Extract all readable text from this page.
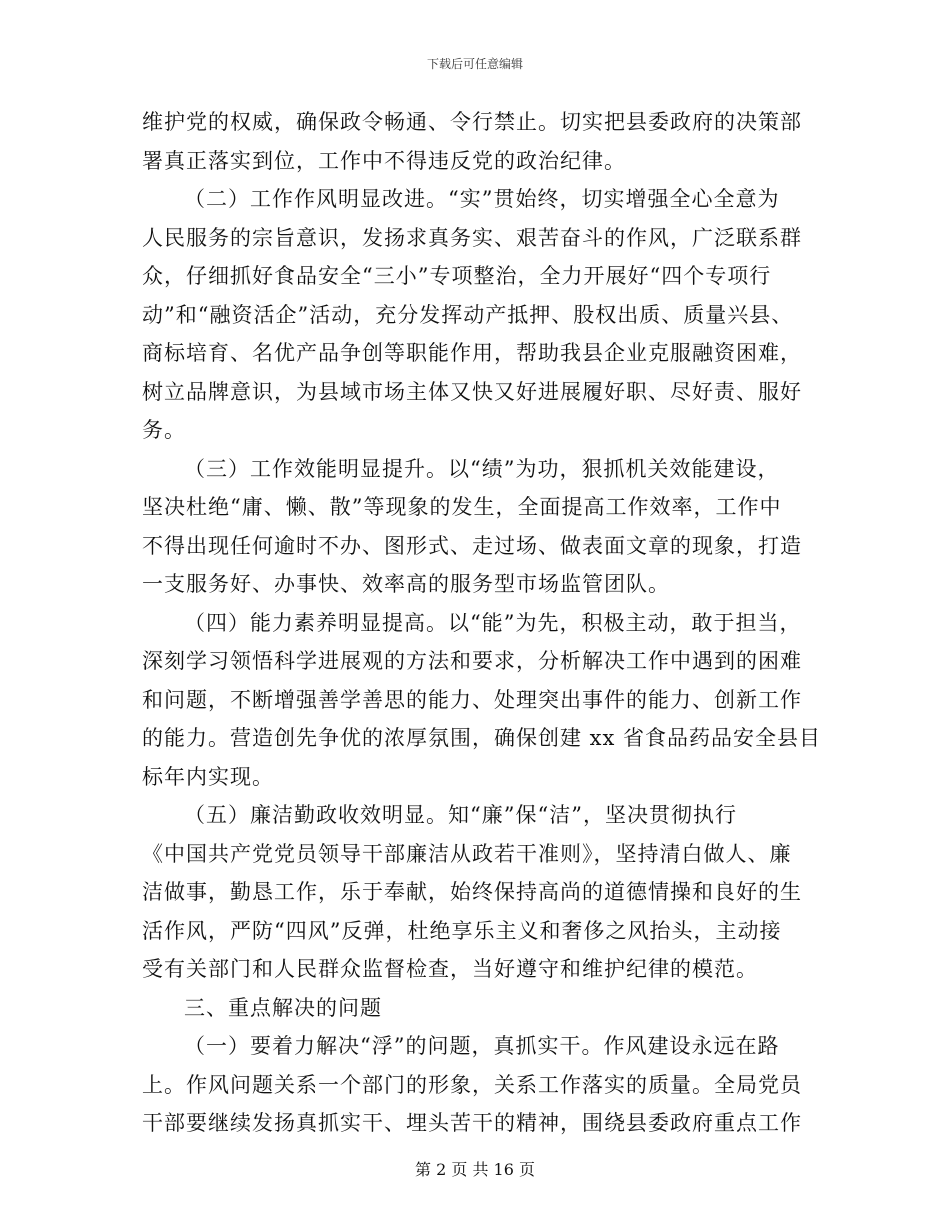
下载后可任意编辑
维护党的权威，确保政令畅通、令行禁止。切实把县委政府的决策部
署真正落实到位，工作中不得违反党的政治纪律。
（二）工作作风明显改进。“实”贯始终，切实增强全心全意为
人民服务的宗旨意识，发扬求真务实、艰苦奋斗的作风，广泛联系群
众，仔细抓好食品安全“三小”专项整治，全力开展好“四个专项行
动”和“融资活企”活动，充分发挥动产抵押、股权出质、质量兴县、
商标培育、名优产品争创等职能作用，帮助我县企业克服融资困难，
树立品牌意识，为县域市场主体又快又好进展履好职、尽好责、服好
务。
（三）工作效能明显提升。以“绩”为功，狠抓机关效能建设，
坚决杜绝“庸、懒、散”等现象的发生，全面提高工作效率，工作中
不得出现任何逾时不办、图形式、走过场、做表面文章的现象，打造
一支服务好、办事快、效率高的服务型市场监管团队。
（四）能力素养明显提高。以“能”为先，积极主动，敢于担当，
深刻学习领悟科学进展观的方法和要求，分析解决工作中遇到的困难
和问题，不断增强善学善思的能力、处理突出事件的能力、创新工作
的能力。营造创先争优的浓厚氛围，确保创建 xx 省食品药品安全县目
标年内实现。
（五）廉洁勤政收效明显。知“廉”保“洁”，坚决贯彻执行
《中国共产党党员领导干部廉洁从政若干准则》，坚持清白做人、廉
洁做事，勤恳工作，乐于奉献，始终保持高尚的道德情操和良好的生
活作风，严防“四风”反弹，杜绝享乐主义和奢侈之风抬头，主动接
受有关部门和人民群众监督检查，当好遵守和维护纪律的模范。
三、重点解决的问题
（一）要着力解决“浮”的问题，真抓实干。作风建设永远在路
上。作风问题关系一个部门的形象，关系工作落实的质量。全局党员
干部要继续发扬真抓实干、埋头苦干的精神，围绕县委政府重点工作
第 2 页 共 16 页
